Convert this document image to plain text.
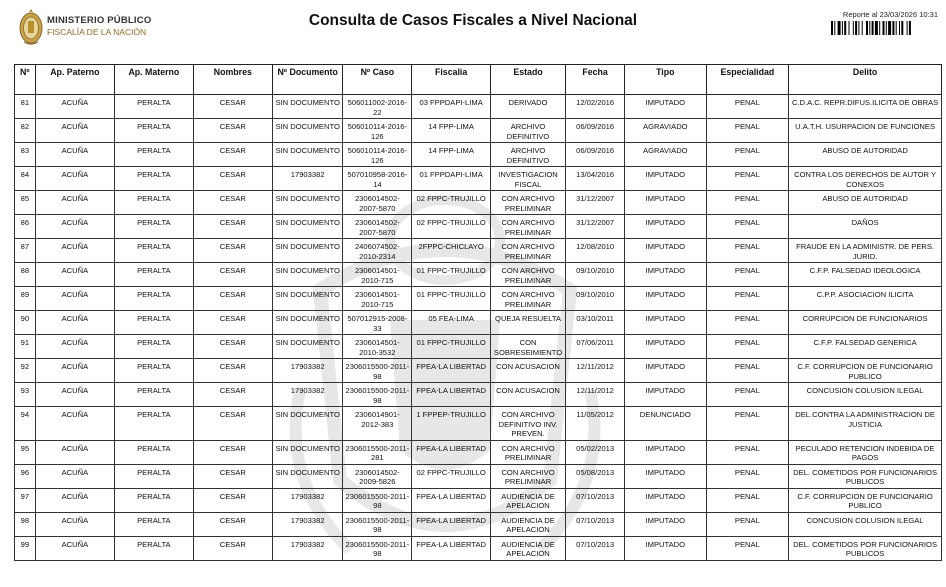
MINISTERIO PÚBLICO
FISCALÍA DE LA NACIÓN
Consulta de Casos Fiscales a Nivel Nacional	Reporte al 23/03/2026 10:31
Nº	Ap. Paterno	Ap. Materno	Nombres	Nº Documento	Nº Caso	Fiscalia	Estado	Fecha	Tipo	Especialidad	Delito
81	ACUÑA	PERALTA	CESAR	SIN DOCUMENTO	506011002-2016-22	03 FPPDAPI-LIMA	DERIVADO	12/02/2016	IMPUTADO	PENAL	C.D.A.C. REPR.DIFUS.ILICITA DE OBRAS
82	ACUÑA	PERALTA	CESAR	SIN DOCUMENTO	506010114-2016-126	14 FPP-LIMA	ARCHIVO DEFINITIVO	06/09/2016	AGRAVIADO	PENAL	U.A.T.H. USURPACION DE FUNCIONES
83	ACUÑA	PERALTA	CESAR	SIN DOCUMENTO	506010114-2016-126	14 FPP-LIMA	ARCHIVO DEFINITIVO	06/09/2016	AGRAVIADO	PENAL	ABUSO DE AUTORIDAD
84	ACUÑA	PERALTA	CESAR	17903382	507010958-2016-14	01 FPPDAPI-LIMA	INVESTIGACION FISCAL	13/04/2016	IMPUTADO	PENAL	CONTRA LOS DERECHOS DE AUTOR Y CONEXOS
85	ACUÑA	PERALTA	CESAR	SIN DOCUMENTO	2306014502-2007-5870	02 FPPC-TRUJILLO	CON ARCHIVO PRELIMINAR	31/12/2007	IMPUTADO	PENAL	ABUSO DE AUTORIDAD
86	ACUÑA	PERALTA	CESAR	SIN DOCUMENTO	2306014502-2007-5870	02 FPPC-TRUJILLO	CON ARCHIVO PRELIMINAR	31/12/2007	IMPUTADO	PENAL	DAÑOS
87	ACUÑA	PERALTA	CESAR	SIN DOCUMENTO	2406074502-2010-2314	2FPPC-CHICLAYO	CON ARCHIVO PRELIMINAR	12/08/2010	IMPUTADO	PENAL	FRAUDE EN LA ADMINISTR. DE PERS. JURID.
88	ACUÑA	PERALTA	CESAR	SIN DOCUMENTO	2306014501-2010-715	01 FPPC-TRUJILLO	CON ARCHIVO PRELIMINAR	09/10/2010	IMPUTADO	PENAL	C.F.P. FALSEDAD IDEOLOGICA
89	ACUÑA	PERALTA	CESAR	SIN DOCUMENTO	2306014501-2010-715	01 FPPC-TRUJILLO	CON ARCHIVO PRELIMINAR	09/10/2010	IMPUTADO	PENAL	C.P.P. ASOCIACION ILICITA
90	ACUÑA	PERALTA	CESAR	SIN DOCUMENTO	507012915-2008-33	05 FEA-LIMA	QUEJA RESUELTA	03/10/2011	IMPUTADO	PENAL	CORRUPCION DE FUNCIONARIOS
91	ACUÑA	PERALTA	CESAR	SIN DOCUMENTO	2306014501-2010-3532	01 FPPC-TRUJILLO	CON SOBRESEIMIENTO	07/06/2011	IMPUTADO	PENAL	C.F.P. FALSEDAD GENERICA
92	ACUÑA	PERALTA	CESAR	17903382	2306015500-2011-98	FPEA-LA LIBERTAD	CON ACUSACION	12/11/2012	IMPUTADO	PENAL	C.F. CORRUPCION DE FUNCIONARIO PUBLICO
93	ACUÑA	PERALTA	CESAR	17903382	2306015500-2011-98	FPEA-LA LIBERTAD	CON ACUSACION	12/11/2012	IMPUTADO	PENAL	CONCUSION COLUSION ILEGAL
94	ACUÑA	PERALTA	CESAR	SIN DOCUMENTO	2306014901-2012-383	1 FPPEP-TRUJILLO	CON ARCHIVO DEFINITIVO INV. PREVEN.	11/05/2012	DENUNCIADO	PENAL	DEL.CONTRA LA ADMINISTRACION DE JUSTICIA
95	ACUÑA	PERALTA	CESAR	SIN DOCUMENTO	2306015500-2011-281	FPEA-LA LIBERTAD	CON ARCHIVO PRELIMINAR	05/02/2013	IMPUTADO	PENAL	PECULADO RETENCION INDEBIDA DE PAGOS
96	ACUÑA	PERALTA	CESAR	SIN DOCUMENTO	2306014502-2009-5826	02 FPPC-TRUJILLO	CON ARCHIVO PRELIMINAR	05/08/2013	IMPUTADO	PENAL	DEL. COMETIDOS POR FUNCIONARIOS PUBLICOS
97	ACUÑA	PERALTA	CESAR	17903382	2306015500-2011-98	FPEA-LA LIBERTAD	AUDIENCIA DE APELACION	07/10/2013	IMPUTADO	PENAL	C.F. CORRUPCION DE FUNCIONARIO PUBLICO
98	ACUÑA	PERALTA	CESAR	17903382	2306015500-2011-98	FPEA-LA LIBERTAD	AUDIENCIA DE APELACION	07/10/2013	IMPUTADO	PENAL	CONCUSION COLUSION ILEGAL
99	ACUÑA	PERALTA	CESAR	17903382	2306015500-2011-98	FPEA-LA LIBERTAD	AUDIENCIA DE APELACION	07/10/2013	IMPUTADO	PENAL	DEL. COMETIDOS POR FUNCIONARIOS PUBLICOS
